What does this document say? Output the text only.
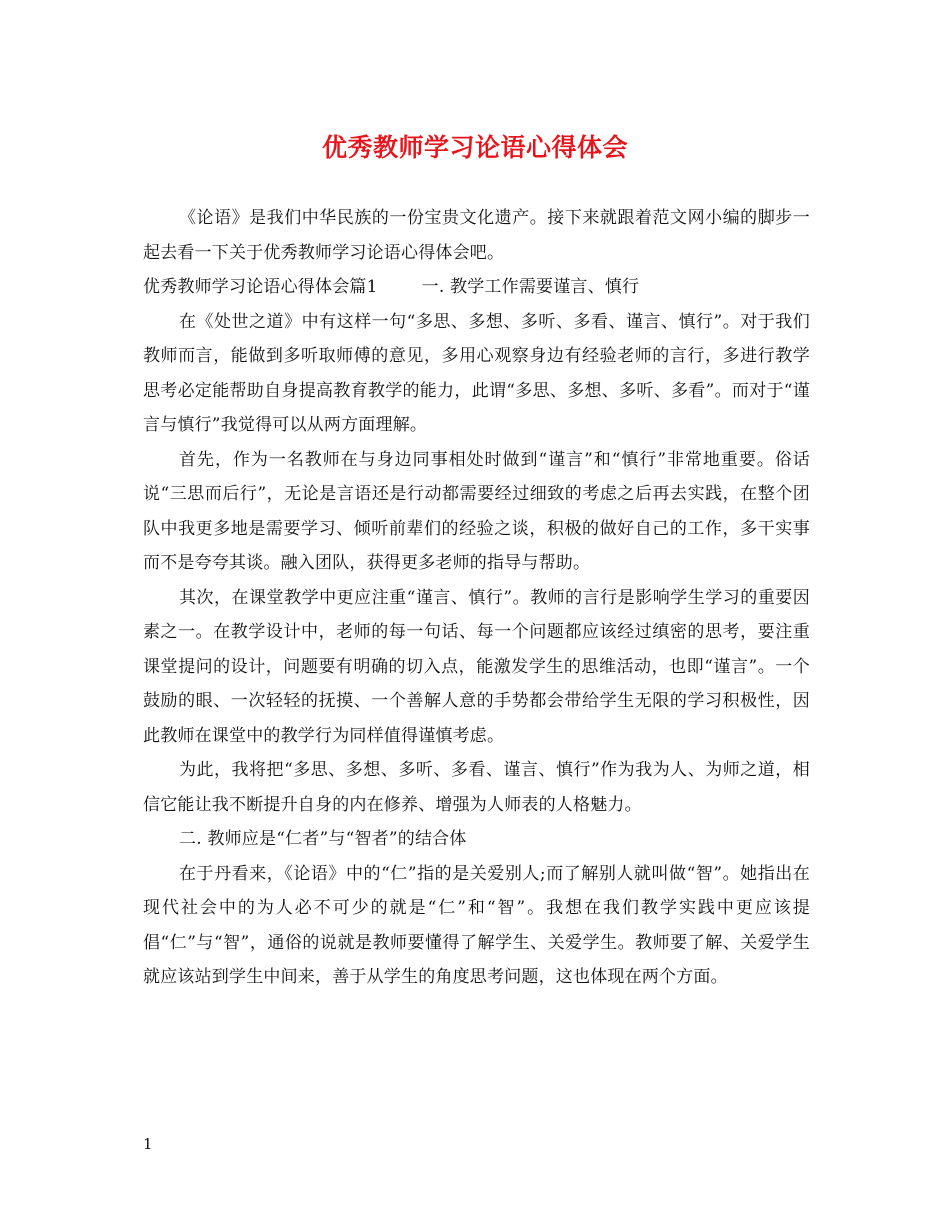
优秀教师学习论语心得体会

《论语》是我们中华民族的一份宝贵文化遗产。接下来就跟着范文网小编的脚步一起去看一下关于优秀教师学习论语心得体会吧。

优秀教师学习论语心得体会篇1	一. 教学工作需要谨言、慎行

在《处世之道》中有这样一句“多思、多想、多听、多看、谨言、慎行”。对于我们教师而言，能做到多听取师傅的意见，多用心观察身边有经验老师的言行，多进行教学思考必定能帮助自身提高教育教学的能力，此谓“多思、多想、多听、多看”。而对于“谨言与慎行”我觉得可以从两方面理解。

首先，作为一名教师在与身边同事相处时做到“谨言”和“慎行”非常地重要。俗话说“三思而后行”，无论是言语还是行动都需要经过细致的考虑之后再去实践，在整个团队中我更多地是需要学习、倾听前辈们的经验之谈，积极的做好自己的工作，多干实事而不是夸夸其谈。融入团队，获得更多老师的指导与帮助。

其次，在课堂教学中更应注重“谨言、慎行”。教师的言行是影响学生学习的重要因素之一。在教学设计中，老师的每一句话、每一个问题都应该经过缜密的思考，要注重课堂提问的设计，问题要有明确的切入点，能激发学生的思维活动，也即“谨言”。一个鼓励的眼、一次轻轻的抚摸、一个善解人意的手势都会带给学生无限的学习积极性，因此教师在课堂中的教学行为同样值得谨慎考虑。

为此，我将把“多思、多想、多听、多看、谨言、慎行”作为我为人、为师之道，相信它能让我不断提升自身的内在修养、增强为人师表的人格魅力。

二. 教师应是“仁者”与“智者”的结合体

在于丹看来，《论语》中的“仁”指的是关爱别人;而了解别人就叫做“智”。她指出在现代社会中的为人必不可少的就是“仁”和“智”。我想在我们教学实践中更应该提倡“仁”与“智”，通俗的说就是教师要懂得了解学生、关爱学生。教师要了解、关爱学生就应该站到学生中间来，善于从学生的角度思考问题，这也体现在两个方面。

1
